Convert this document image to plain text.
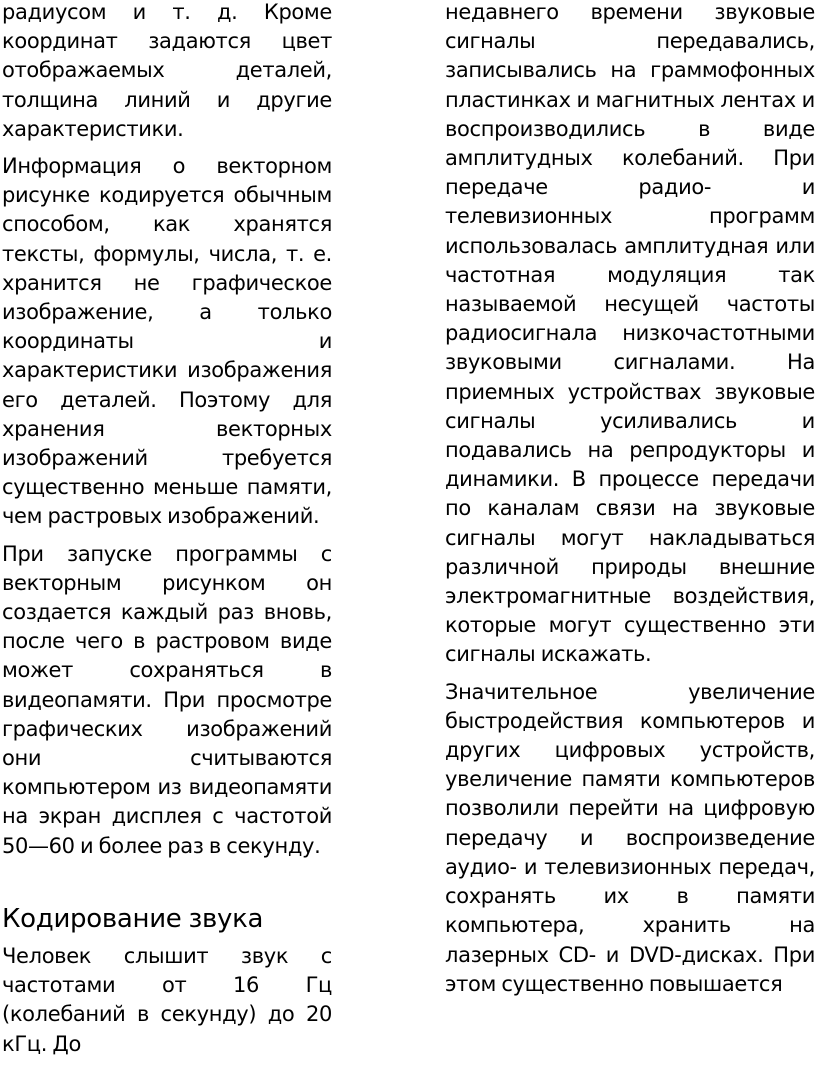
радиусом и т. д. Кроме координат задаются цвет отображаемых деталей, толщина линий и другие характеристики.

Информация о векторном рисунке кодируется обычным способом, как хранятся тексты, формулы, числа, т. е. хранится не графическое изображение, а только координаты и характеристики изображения его деталей. Поэтому для хранения векторных изображений требуется существенно меньше памяти, чем растровых изображений.

При запуске программы с векторным рисунком он создается каждый раз вновь, после чего в растровом виде может сохраняться в видеопамяти. При просмотре графических изображений они считываются компьютером из видеопамяти на экран дисплея с частотой 50—60 и более раз в секунду.

Кодирование звука

Человек слышит звук с частотами от 16 Гц (колебаний в секунду) до 20 кГц. До

недавнего времени звуковые сигналы передавались, записывались на граммофонных пластинках и магнитных лентах и воспроизводились в виде амплитудных колебаний. При передаче радио- и телевизионных программ использовалась амплитудная или частотная модуляция так называемой несущей частоты радиосигнала низкочастотными звуковыми сигналами. На приемных устройствах звуковые сигналы усиливались и подавались на репродукторы и динамики. В процессе передачи по каналам связи на звуковые сигналы могут накладываться различной природы внешние электромагнитные воздействия, которые могут существенно эти сигналы искажать.

Значительное увеличение быстродействия компьютеров и других цифровых устройств, увеличение памяти компьютеров позволили перейти на цифровую передачу и воспроизведение аудио- и телевизионных передач, сохранять их в памяти компьютера, хранить на лазерных CD- и DVD-дисках. При этом существенно повышается
